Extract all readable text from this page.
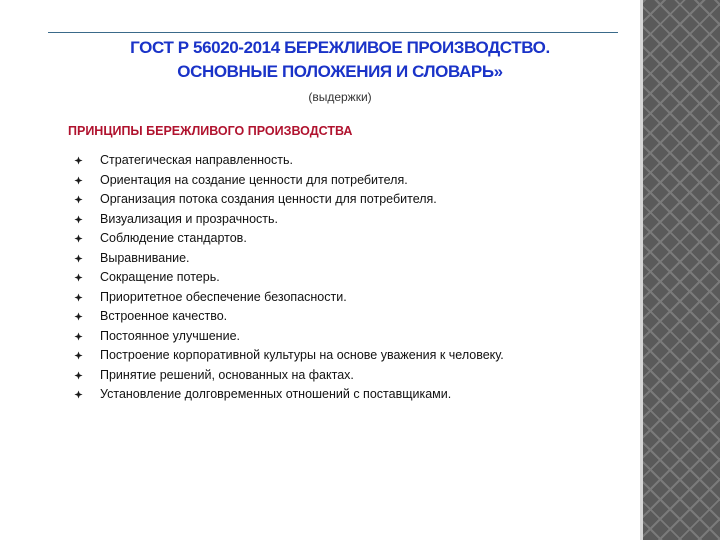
ГОСТ Р 56020-2014 БЕРЕЖЛИВОЕ ПРОИЗВОДСТВО.
ОСНОВНЫЕ ПОЛОЖЕНИЯ И СЛОВАРЬ»
(выдержки)
ПРИНЦИПЫ БЕРЕЖЛИВОГО ПРОИЗВОДСТВА
Стратегическая направленность.
Ориентация на создание ценности для потребителя.
Организация потока создания ценности для потребителя.
Визуализация и прозрачность.
Соблюдение стандартов.
Выравнивание.
Сокращение потерь.
Приоритетное обеспечение безопасности.
Встроенное качество.
Постоянное улучшение.
Построение корпоративной культуры на основе уважения к человеку.
Принятие решений, основанных на фактах.
Установление долговременных отношений с поставщиками.
